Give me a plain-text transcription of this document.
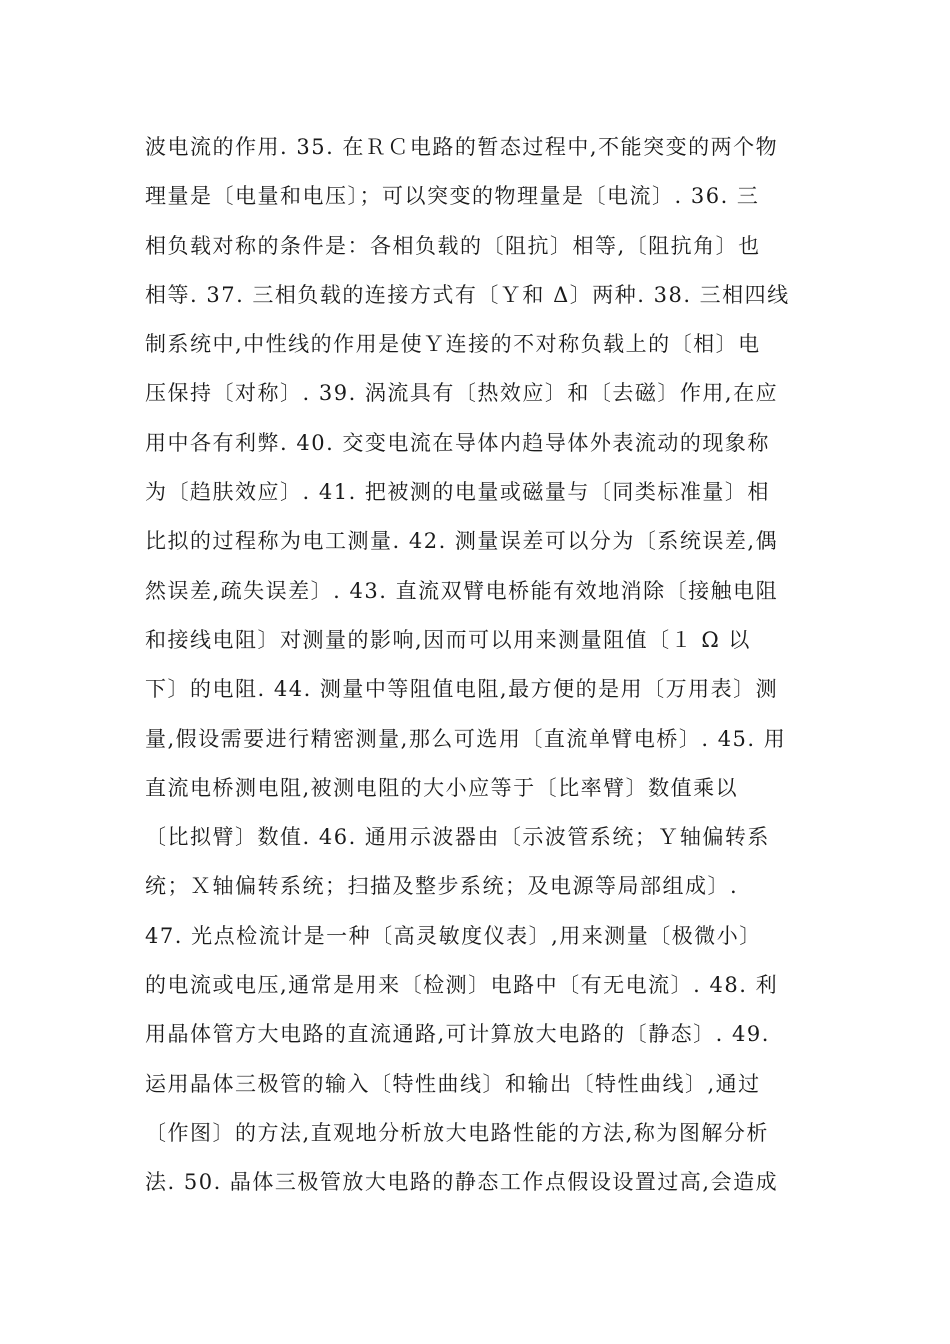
波电流的作用. 35. 在ＲＣ电路的暂态过程中,不能突变的两个物
理量是〔电量和电压〕；可以突变的物理量是〔电流〕. 36. 三
相负载对称的条件是：各相负载的〔阻抗〕相等,〔阻抗角〕也
相等. 37. 三相负载的连接方式有〔Ｙ和 Δ〕两种. 38. 三相四线
制系统中,中性线的作用是使Ｙ连接的不对称负载上的〔相〕电
压保持〔对称〕. 39. 涡流具有〔热效应〕和〔去磁〕作用,在应
用中各有利弊. 40. 交变电流在导体内趋导体外表流动的现象称
为〔趋肤效应〕. 41. 把被测的电量或磁量与〔同类标准量〕相
比拟的过程称为电工测量. 42. 测量误差可以分为〔系统误差,偶
然误差,疏失误差〕. 43. 直流双臂电桥能有效地消除〔接触电阻
和接线电阻〕对测量的影响,因而可以用来测量阻值〔１ Ω 以
下〕的电阻. 44. 测量中等阻值电阻,最方便的是用〔万用表〕测
量,假设需要进行精密测量,那么可选用〔直流单臂电桥〕. 45. 用
直流电桥测电阻,被测电阻的大小应等于〔比率臂〕数值乘以
〔比拟臂〕数值. 46. 通用示波器由〔示波管系统；Ｙ轴偏转系
统；Ｘ轴偏转系统；扫描及整步系统；及电源等局部组成〕.
47. 光点检流计是一种〔高灵敏度仪表〕,用来测量〔极微小〕
的电流或电压,通常是用来〔检测〕电路中〔有无电流〕. 48. 利
用晶体管方大电路的直流通路,可计算放大电路的〔静态〕. 49.
运用晶体三极管的输入〔特性曲线〕和输出〔特性曲线〕,通过
〔作图〕的方法,直观地分析放大电路性能的方法,称为图解分析
法. 50. 晶体三极管放大电路的静态工作点假设设置过高,会造成
